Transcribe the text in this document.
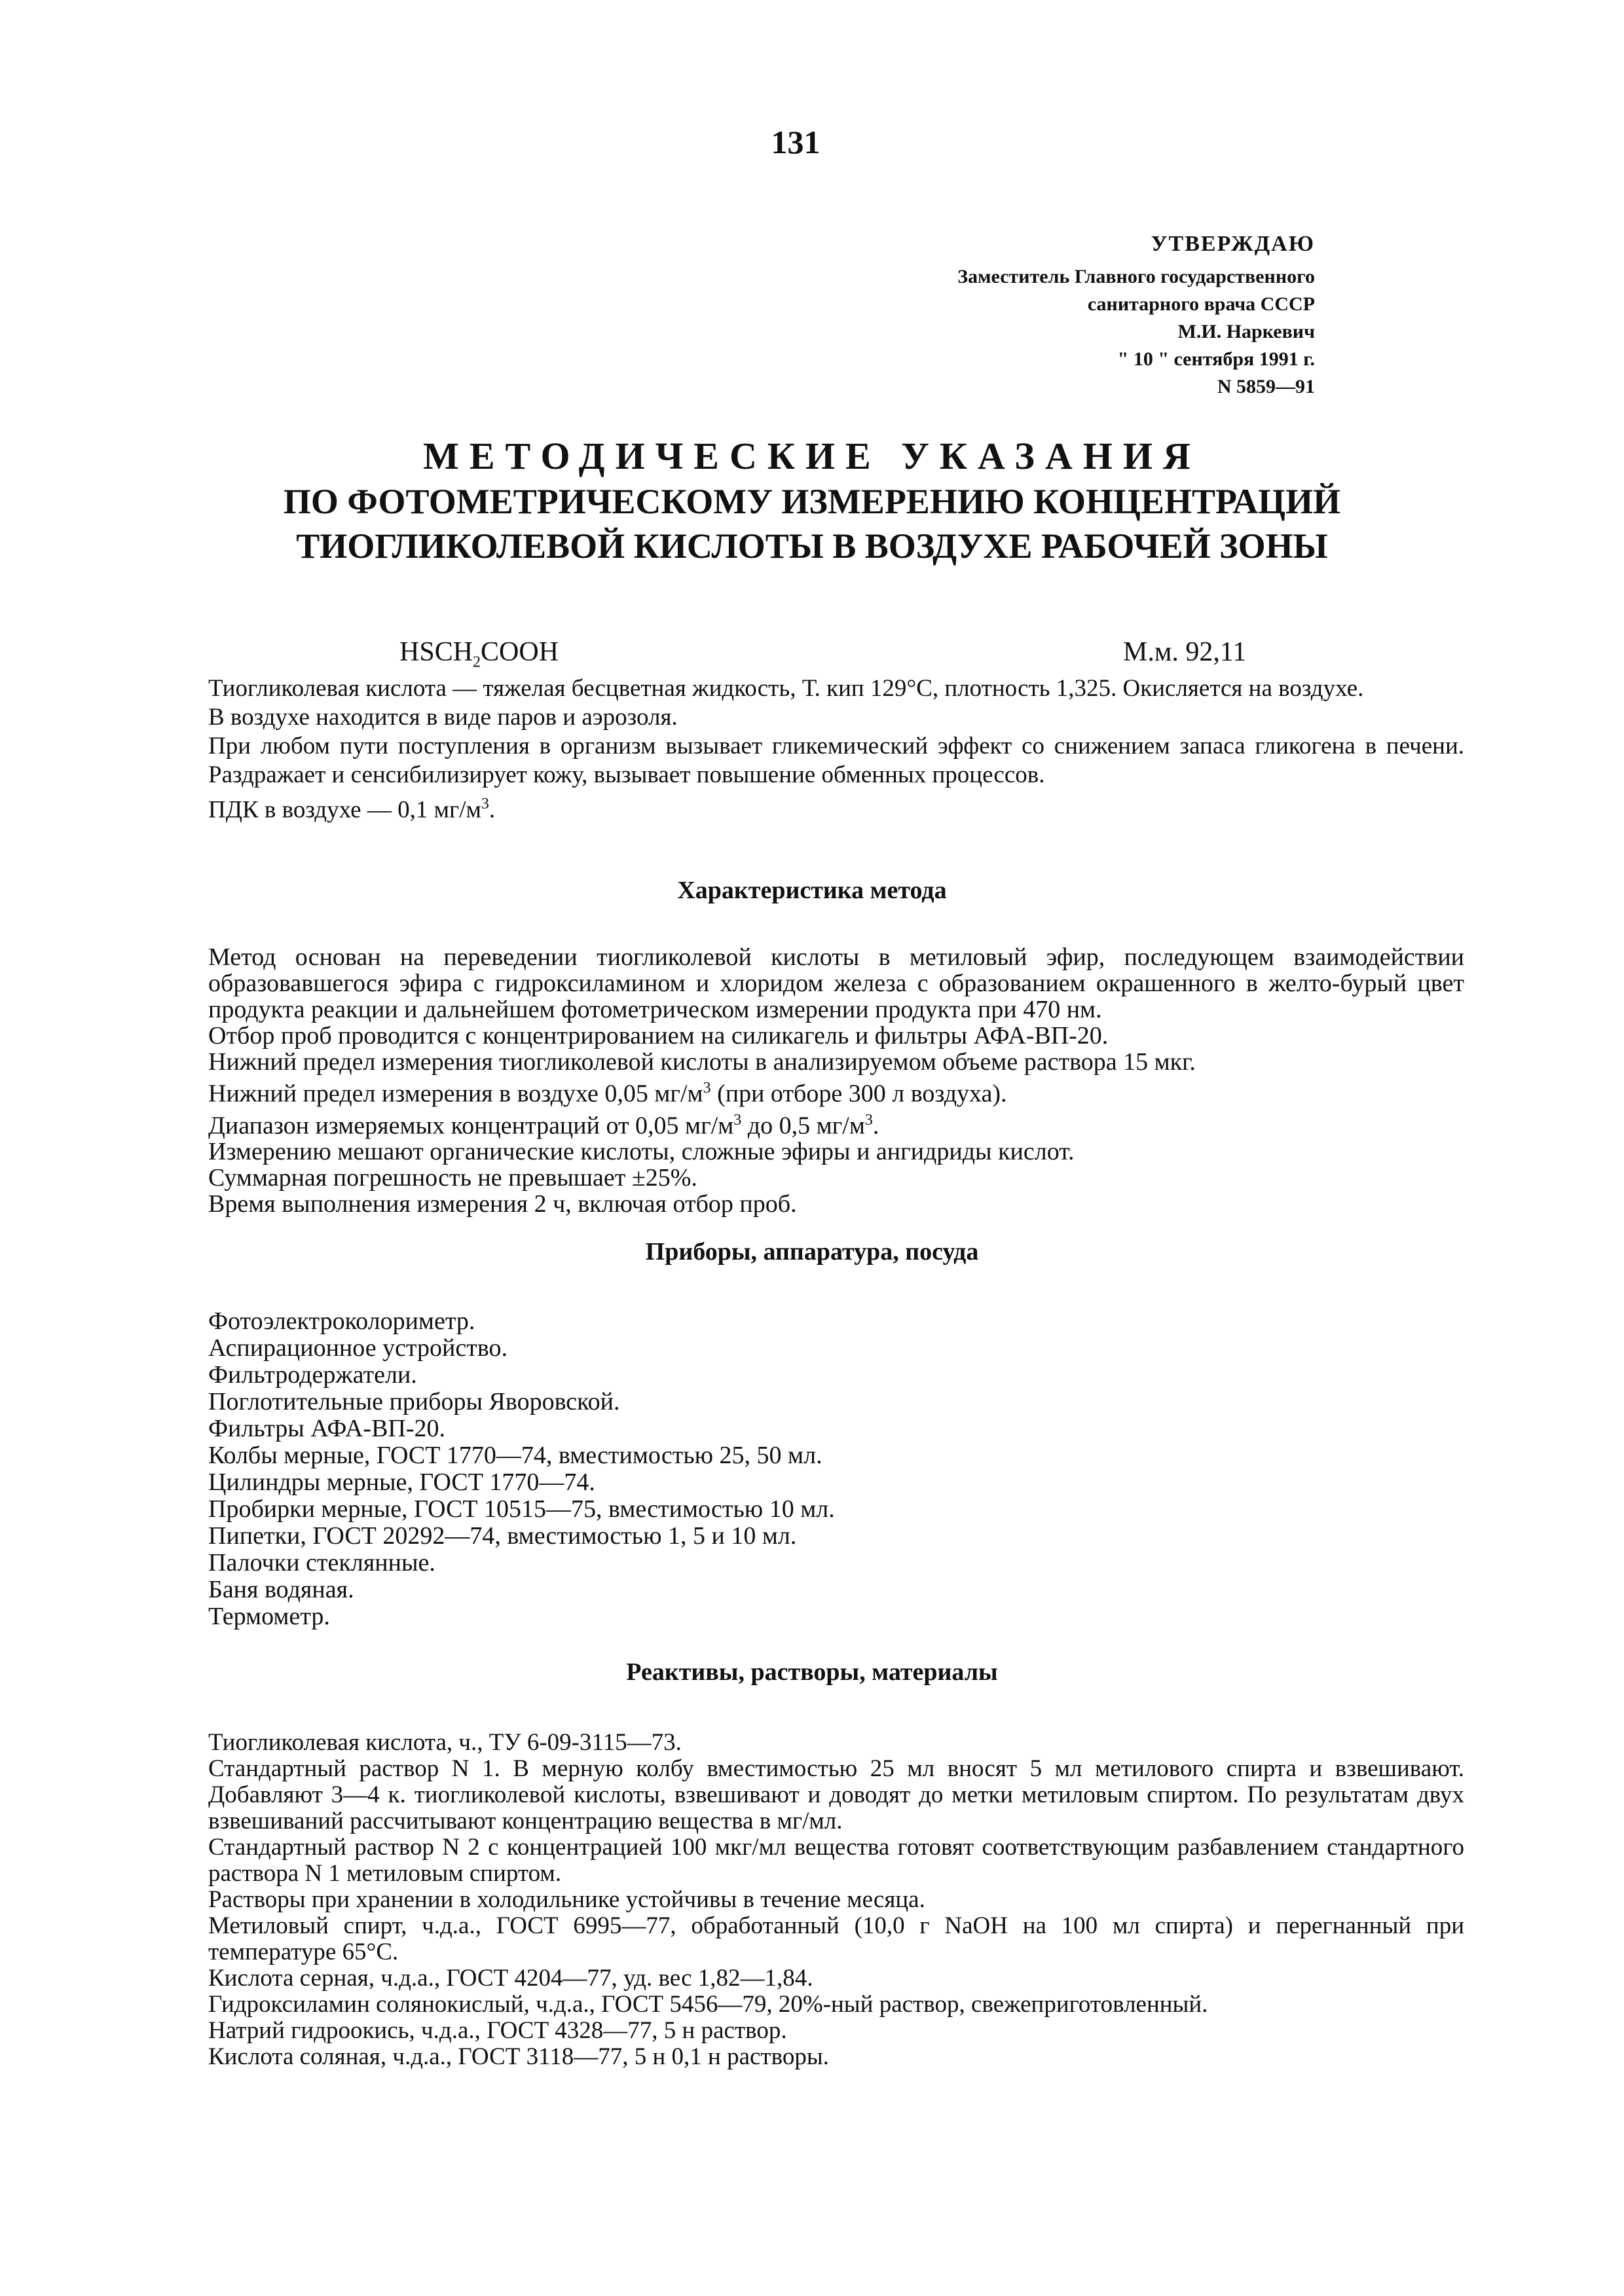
131
УТВЕРЖДАЮ
Заместитель Главного государственного
санитарного врача СССР
М.И. Наркевич
" 10 " сентября 1991 г.
N 5859—91
МЕТОДИЧЕСКИЕ УКАЗАНИЯ
ПО ФОТОМЕТРИЧЕСКОМУ ИЗМЕРЕНИЮ КОНЦЕНТРАЦИЙ
ТИОГЛИКОЛЕВОЙ КИСЛОТЫ В ВОЗДУХЕ РАБОЧЕЙ ЗОНЫ
$HSCH_2COOH$	М.м. 92,11

Тиогликолевая кислота — тяжелая бесцветная жидкость, Т. кип 129°С, плотность 1,325. Окисляется на воздухе.

В воздухе находится в виде паров и аэрозоля.

При любом пути поступления в организм вызывает гликемический эффект со снижением запаса гликогена в печени. Раздражает и сенсибилизирует кожу, вызывает повышение обменных процессов.

ПДК в воздухе — 0,1 $мг/м^3$.

Характеристика метода

Метод основан на переведении тиогликолевой кислоты в метиловый эфир, последующем взаимодействии образовавшегося эфира с гидроксиламином и хлоридом железа с образованием окрашенного в желто-бурый цвет продукта реакции и дальнейшем фотометрическом измерении продукта при 470 нм.

Отбор проб проводится с концентрированием на силикагель и фильтры АФА-ВП-20.

Нижний предел измерения тиогликолевой кислоты в анализируемом объеме раствора 15 мкг.

Нижний предел измерения в воздухе 0,05 $мг/м^3$ (при отборе 300 л воздуха).

Диапазон измеряемых концентраций от 0,05 $мг/м^3$ до 0,5 $мг/м^3$.

Измерению мешают органические кислоты, сложные эфиры и ангидриды кислот.

Суммарная погрешность не превышает ±25%.

Время выполнения измерения 2 ч, включая отбор проб.

Приборы, аппаратура, посуда
Фотоэлектроколориметр.
Аспирационное устройство.
Фильтродержатели.
Поглотительные приборы Яворовской.
Фильтры АФА-ВП-20.
Колбы мерные, ГОСТ 1770—74, вместимостью 25, 50 мл.
Цилиндры мерные, ГОСТ 1770—74.
Пробирки мерные, ГОСТ 10515—75, вместимостью 10 мл.
Пипетки, ГОСТ 20292—74, вместимостью 1, 5 и 10 мл.
Палочки стеклянные.
Баня водяная.
Термометр.
Реактивы, растворы, материалы

Тиогликолевая кислота, ч., ТУ 6-09-3115—73.

Стандартный раствор N 1. В мерную колбу вместимостью 25 мл вносят 5 мл метилового спирта и взвешивают. Добавляют 3—4 к. тиогликолевой кислоты, взвешивают и доводят до метки метиловым спиртом. По результатам двух взвешиваний рассчитывают концентрацию вещества в мг/мл.

Стандартный раствор N 2 с концентрацией 100 мкг/мл вещества готовят соответствующим разбавлением стандартного раствора N 1 метиловым спиртом.

Растворы при хранении в холодильнике устойчивы в течение месяца.

Метиловый спирт, ч.д.а., ГОСТ 6995—77, обработанный (10,0 г NaOH на 100 мл спирта) и перегнанный при температуре 65°С.

Кислота серная, ч.д.а., ГОСТ 4204—77, уд. вес 1,82—1,84.

Гидроксиламин солянокислый, ч.д.а., ГОСТ 5456—79, 20%-ный раствор, свежеприготовленный.

Натрий гидроокись, ч.д.а., ГОСТ 4328—77, 5 н раствор.

Кислота соляная, ч.д.а., ГОСТ 3118—77, 5 н 0,1 н растворы.
